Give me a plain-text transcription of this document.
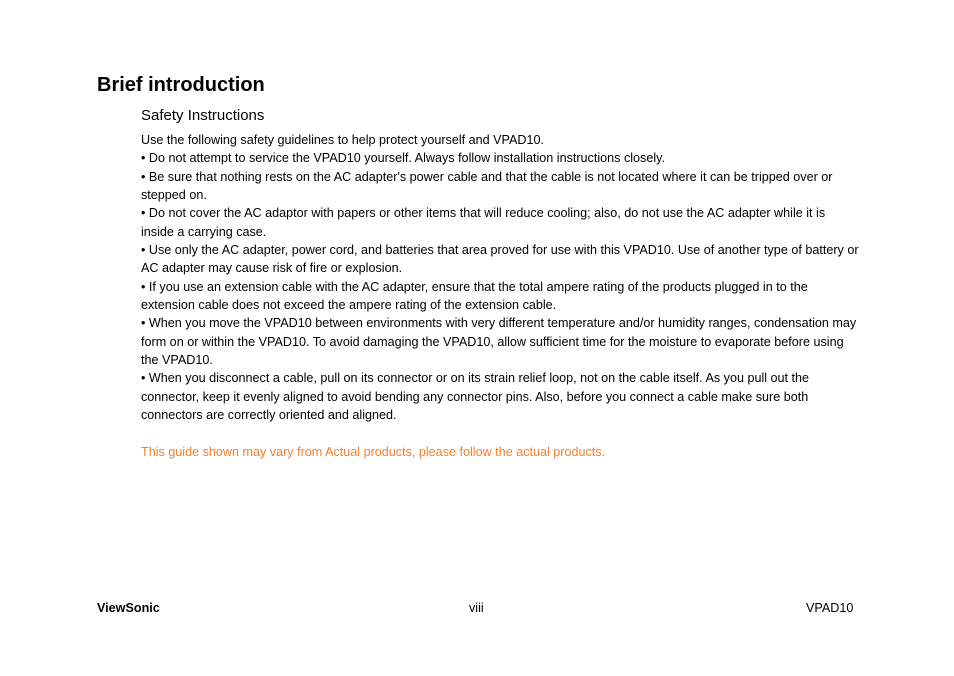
Brief introduction
Safety Instructions

Use the following safety guidelines to help protect yourself and VPAD10.

• Do not attempt to service the VPAD10 yourself. Always follow installation instructions closely.

• Be sure that nothing rests on the AC adapter's power cable and that the cable is not located where it can be tripped over or stepped on.

• Do not cover the AC adaptor with papers or other items that will reduce cooling; also, do not use the AC adapter while it is inside a carrying case.

• Use only the AC adapter, power cord, and batteries that area proved for use with this VPAD10. Use of another type of battery or AC adapter may cause risk of fire or explosion.

• If you use an extension cable with the AC adapter, ensure that the total ampere rating of the products plugged in to the extension cable does not exceed the ampere rating of the extension cable.

• When you move the VPAD10 between environments with very different temperature and/or humidity ranges, condensation may form on or within the VPAD10. To avoid damaging the VPAD10, allow sufficient time for the moisture to evaporate before using the VPAD10.

• When you disconnect a cable, pull on its connector or on its strain relief loop, not on the cable itself. As you pull out the connector, keep it evenly aligned to avoid bending any connector pins. Also, before you connect a cable make sure both connectors are correctly oriented and aligned.

This guide shown may vary from Actual products, please follow the actual products.

ViewSonic	viii	VPAD10
